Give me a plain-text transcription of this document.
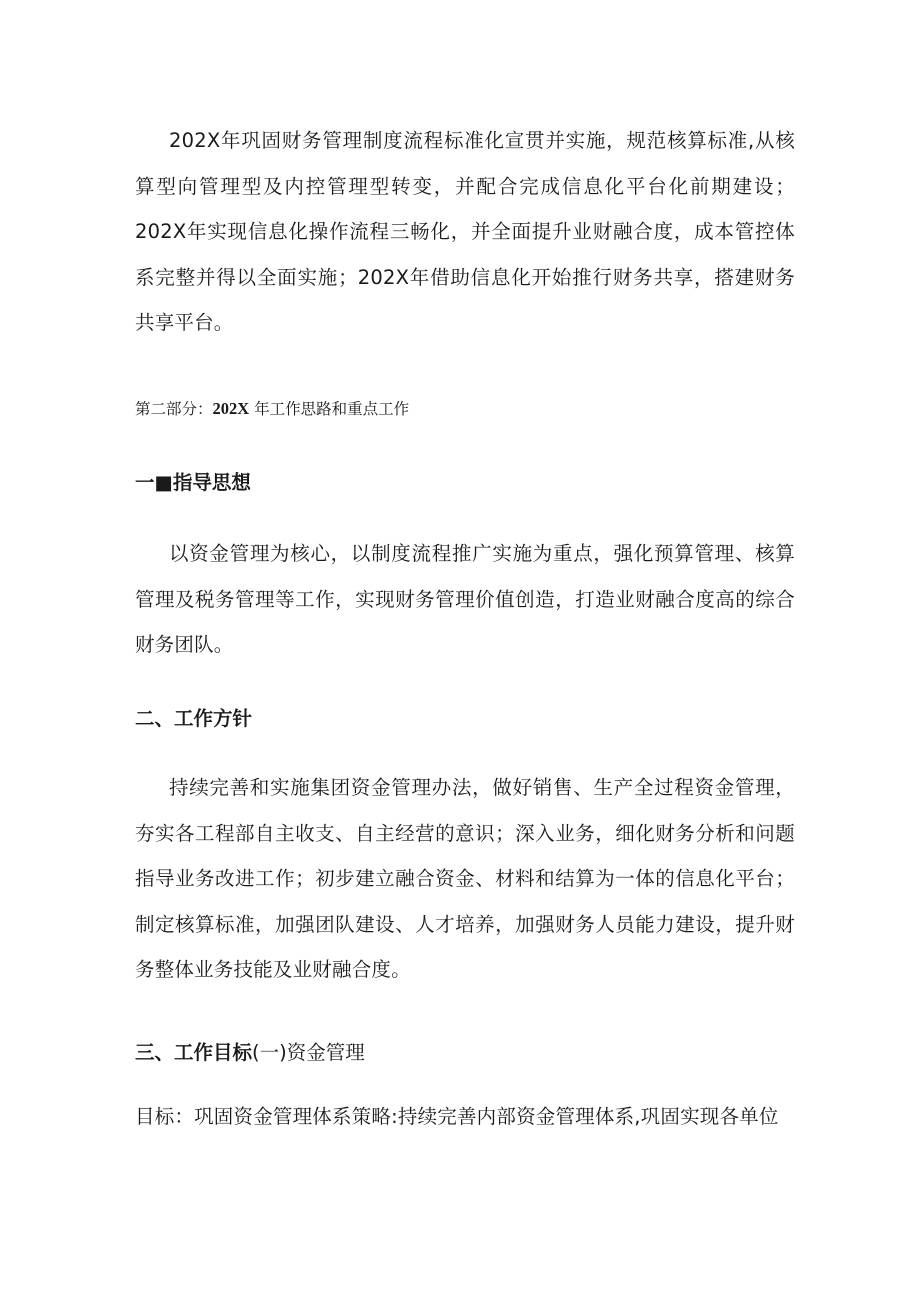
202X年巩固财务管理制度流程标准化宣贯并实施，规范核算标准,从核算型向管理型及内控管理型转变，并配合完成信息化平台化前期建设；202X年实现信息化操作流程三畅化，并全面提升业财融合度，成本管控体系完整并得以全面实施；202X年借助信息化开始推行财务共享，搭建财务共享平台。

第二部分：202X 年工作思路和重点工作

一■指导思想

以资金管理为核心，以制度流程推广实施为重点，强化预算管理、核算管理及税务管理等工作，实现财务管理价值创造，打造业财融合度高的综合财务团队。

二、工作方针

持续完善和实施集团资金管理办法，做好销售、生产全过程资金管理，夯实各工程部自主收支、自主经营的意识；深入业务，细化财务分析和问题指导业务改进工作；初步建立融合资金、材料和结算为一体的信息化平台；制定核算标准，加强团队建设、人才培养，加强财务人员能力建设，提升财务整体业务技能及业财融合度。

三、工作目标(一)资金管理

目标：巩固资金管理体系策略:持续完善内部资金管理体系,巩固实现各单位
